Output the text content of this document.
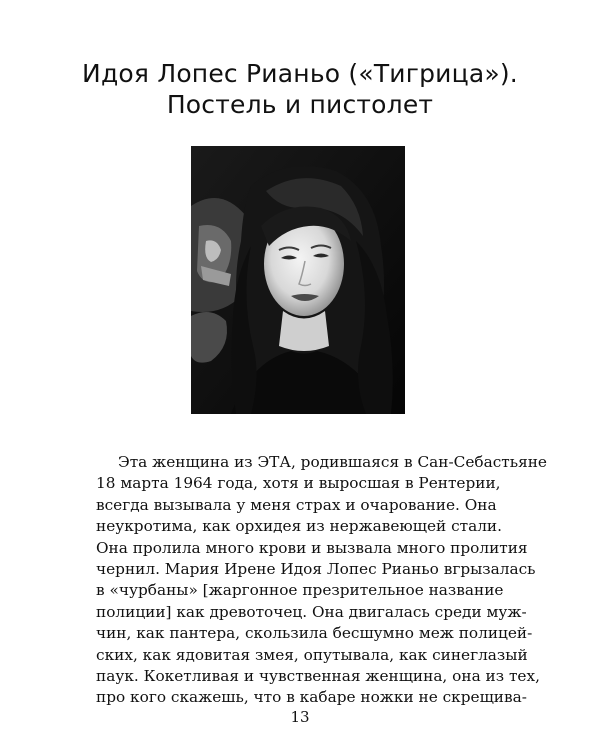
Идоя Лопес Рианьо («Тигрица»).
Постель и пистолет
Эта женщина из ЭТА, родившаяся в Сан-Себастьяне
18 марта 1964 года, хотя и выросшая в Рентерии,
всегда вызывала у меня страх и очарование. Она
неукротима, как орхидея из нержавеющей стали.
Она пролила много крови и вызвала много пролития
чернил. Мария Ирене Идоя Лопес Рианьо вгрызалась
в «чурбаны» [жаргонное презрительное название
полиции] как древоточец. Она двигалась среди муж-
чин, как пантера, скользила бесшумно меж полицей-
ских, как ядовитая змея, опутывала, как синеглазый
паук. Кокетливая и чувственная женщина, она из тех,
про кого скажешь, что в кабаре ножки не скрещива-
13
